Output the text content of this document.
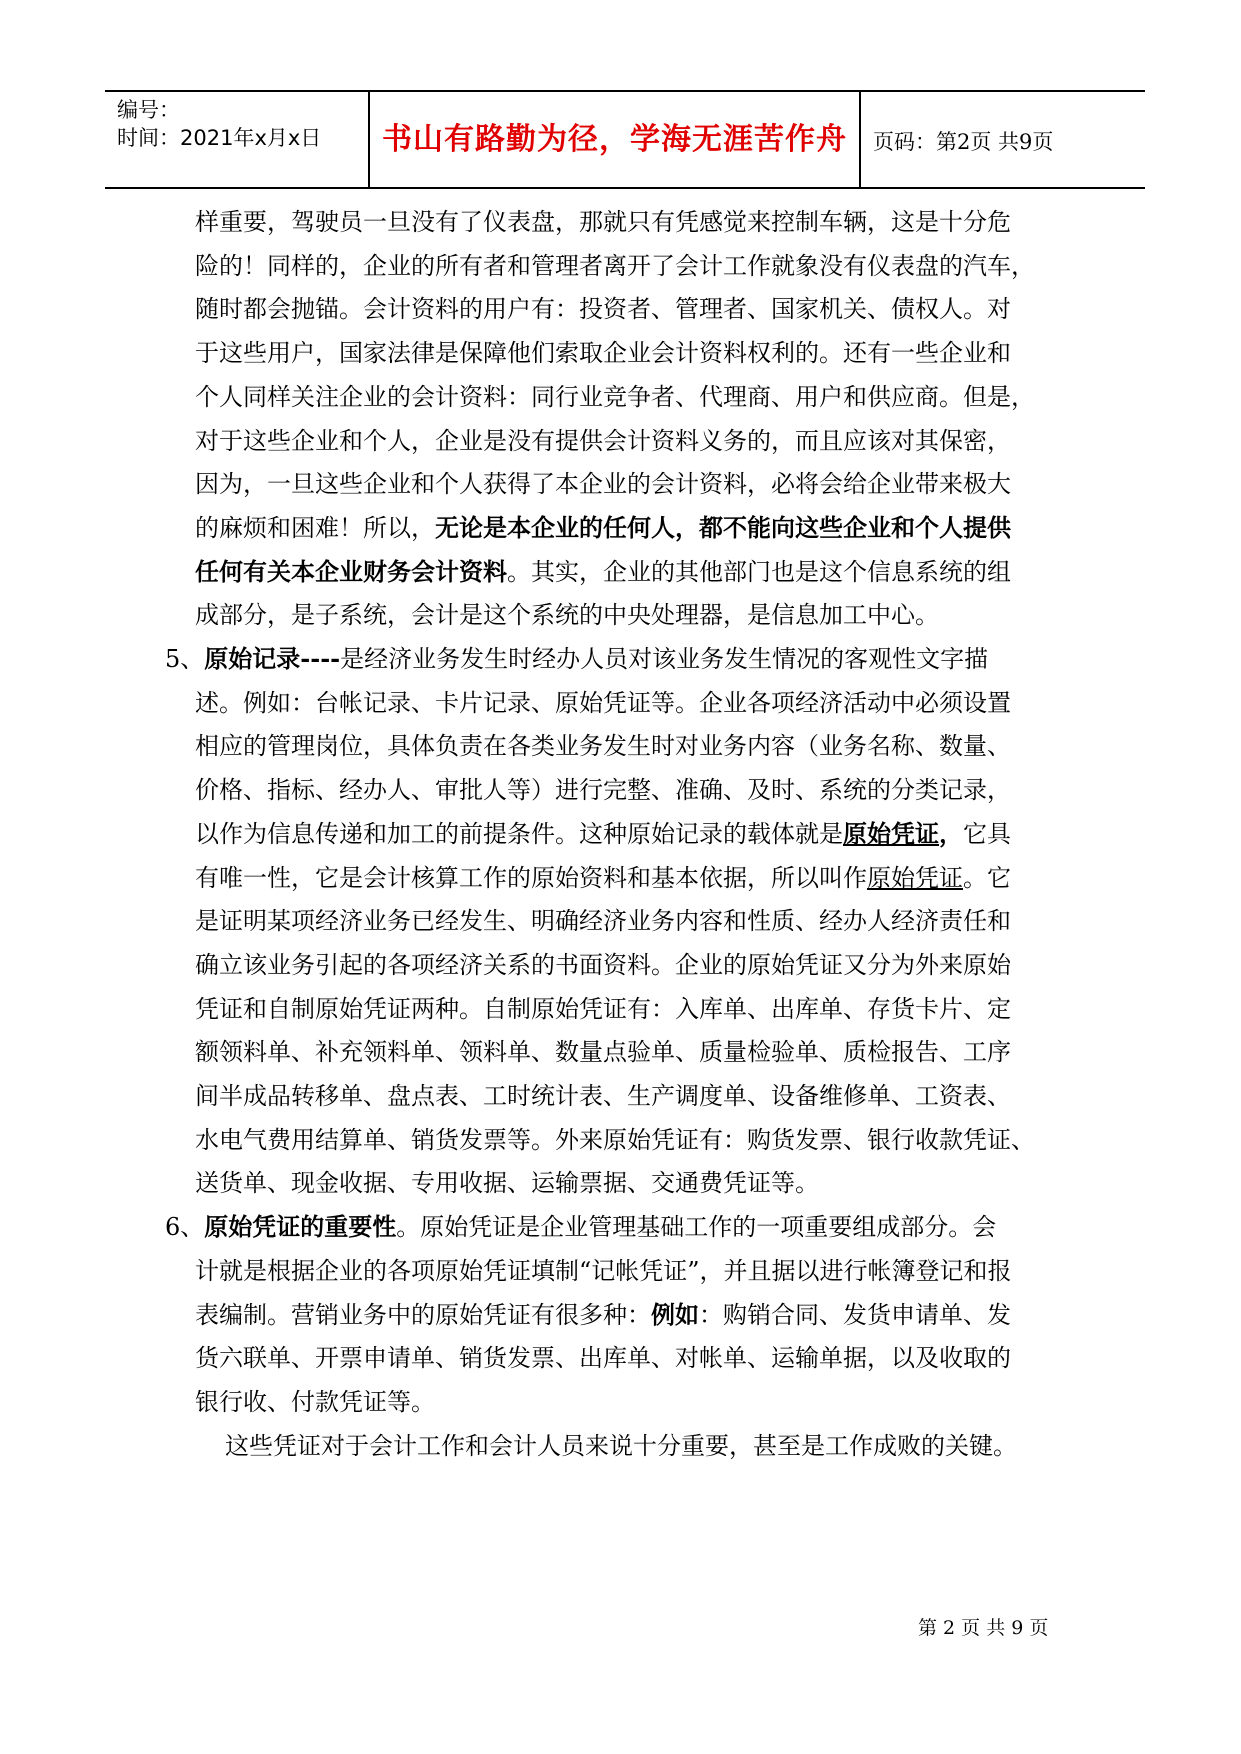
编号：
时间：2021年x月x日	书山有路勤为径，学海无涯苦作舟	页码：第2页 共9页
样重要，驾驶员一旦没有了仪表盘，那就只有凭感觉来控制车辆，这是十分危
险的！同样的，企业的所有者和管理者离开了会计工作就象没有仪表盘的汽车，
随时都会抛锚。会计资料的用户有：投资者、管理者、国家机关、债权人。对
于这些用户，国家法律是保障他们索取企业会计资料权利的。还有一些企业和
个人同样关注企业的会计资料：同行业竞争者、代理商、用户和供应商。但是，
对于这些企业和个人，企业是没有提供会计资料义务的，而且应该对其保密，
因为，一旦这些企业和个人获得了本企业的会计资料，必将会给企业带来极大
的麻烦和困难！所以，无论是本企业的任何人，都不能向这些企业和个人提供
任何有关本企业财务会计资料。其实，企业的其他部门也是这个信息系统的组
成部分，是子系统，会计是这个系统的中央处理器，是信息加工中心。
5、原始记录----是经济业务发生时经办人员对该业务发生情况的客观性文字描
述。例如：台帐记录、卡片记录、原始凭证等。企业各项经济活动中必须设置
相应的管理岗位，具体负责在各类业务发生时对业务内容（业务名称、数量、
价格、指标、经办人、审批人等）进行完整、准确、及时、系统的分类记录，
以作为信息传递和加工的前提条件。这种原始记录的载体就是原始凭证，它具
有唯一性，它是会计核算工作的原始资料和基本依据，所以叫作原始凭证。它
是证明某项经济业务已经发生、明确经济业务内容和性质、经办人经济责任和
确立该业务引起的各项经济关系的书面资料。企业的原始凭证又分为外来原始
凭证和自制原始凭证两种。自制原始凭证有：入库单、出库单、存货卡片、定
额领料单、补充领料单、领料单、数量点验单、质量检验单、质检报告、工序
间半成品转移单、盘点表、工时统计表、生产调度单、设备维修单、工资表、
水电气费用结算单、销货发票等。外来原始凭证有：购货发票、银行收款凭证、
送货单、现金收据、专用收据、运输票据、交通费凭证等。
6、原始凭证的重要性。原始凭证是企业管理基础工作的一项重要组成部分。会
计就是根据企业的各项原始凭证填制“记帐凭证”，并且据以进行帐簿登记和报
表编制。营销业务中的原始凭证有很多种：例如：购销合同、发货申请单、发
货六联单、开票申请单、销货发票、出库单、对帐单、运输单据，以及收取的
银行收、付款凭证等。
这些凭证对于会计工作和会计人员来说十分重要，甚至是工作成败的关键。
第 2 页 共 9 页
